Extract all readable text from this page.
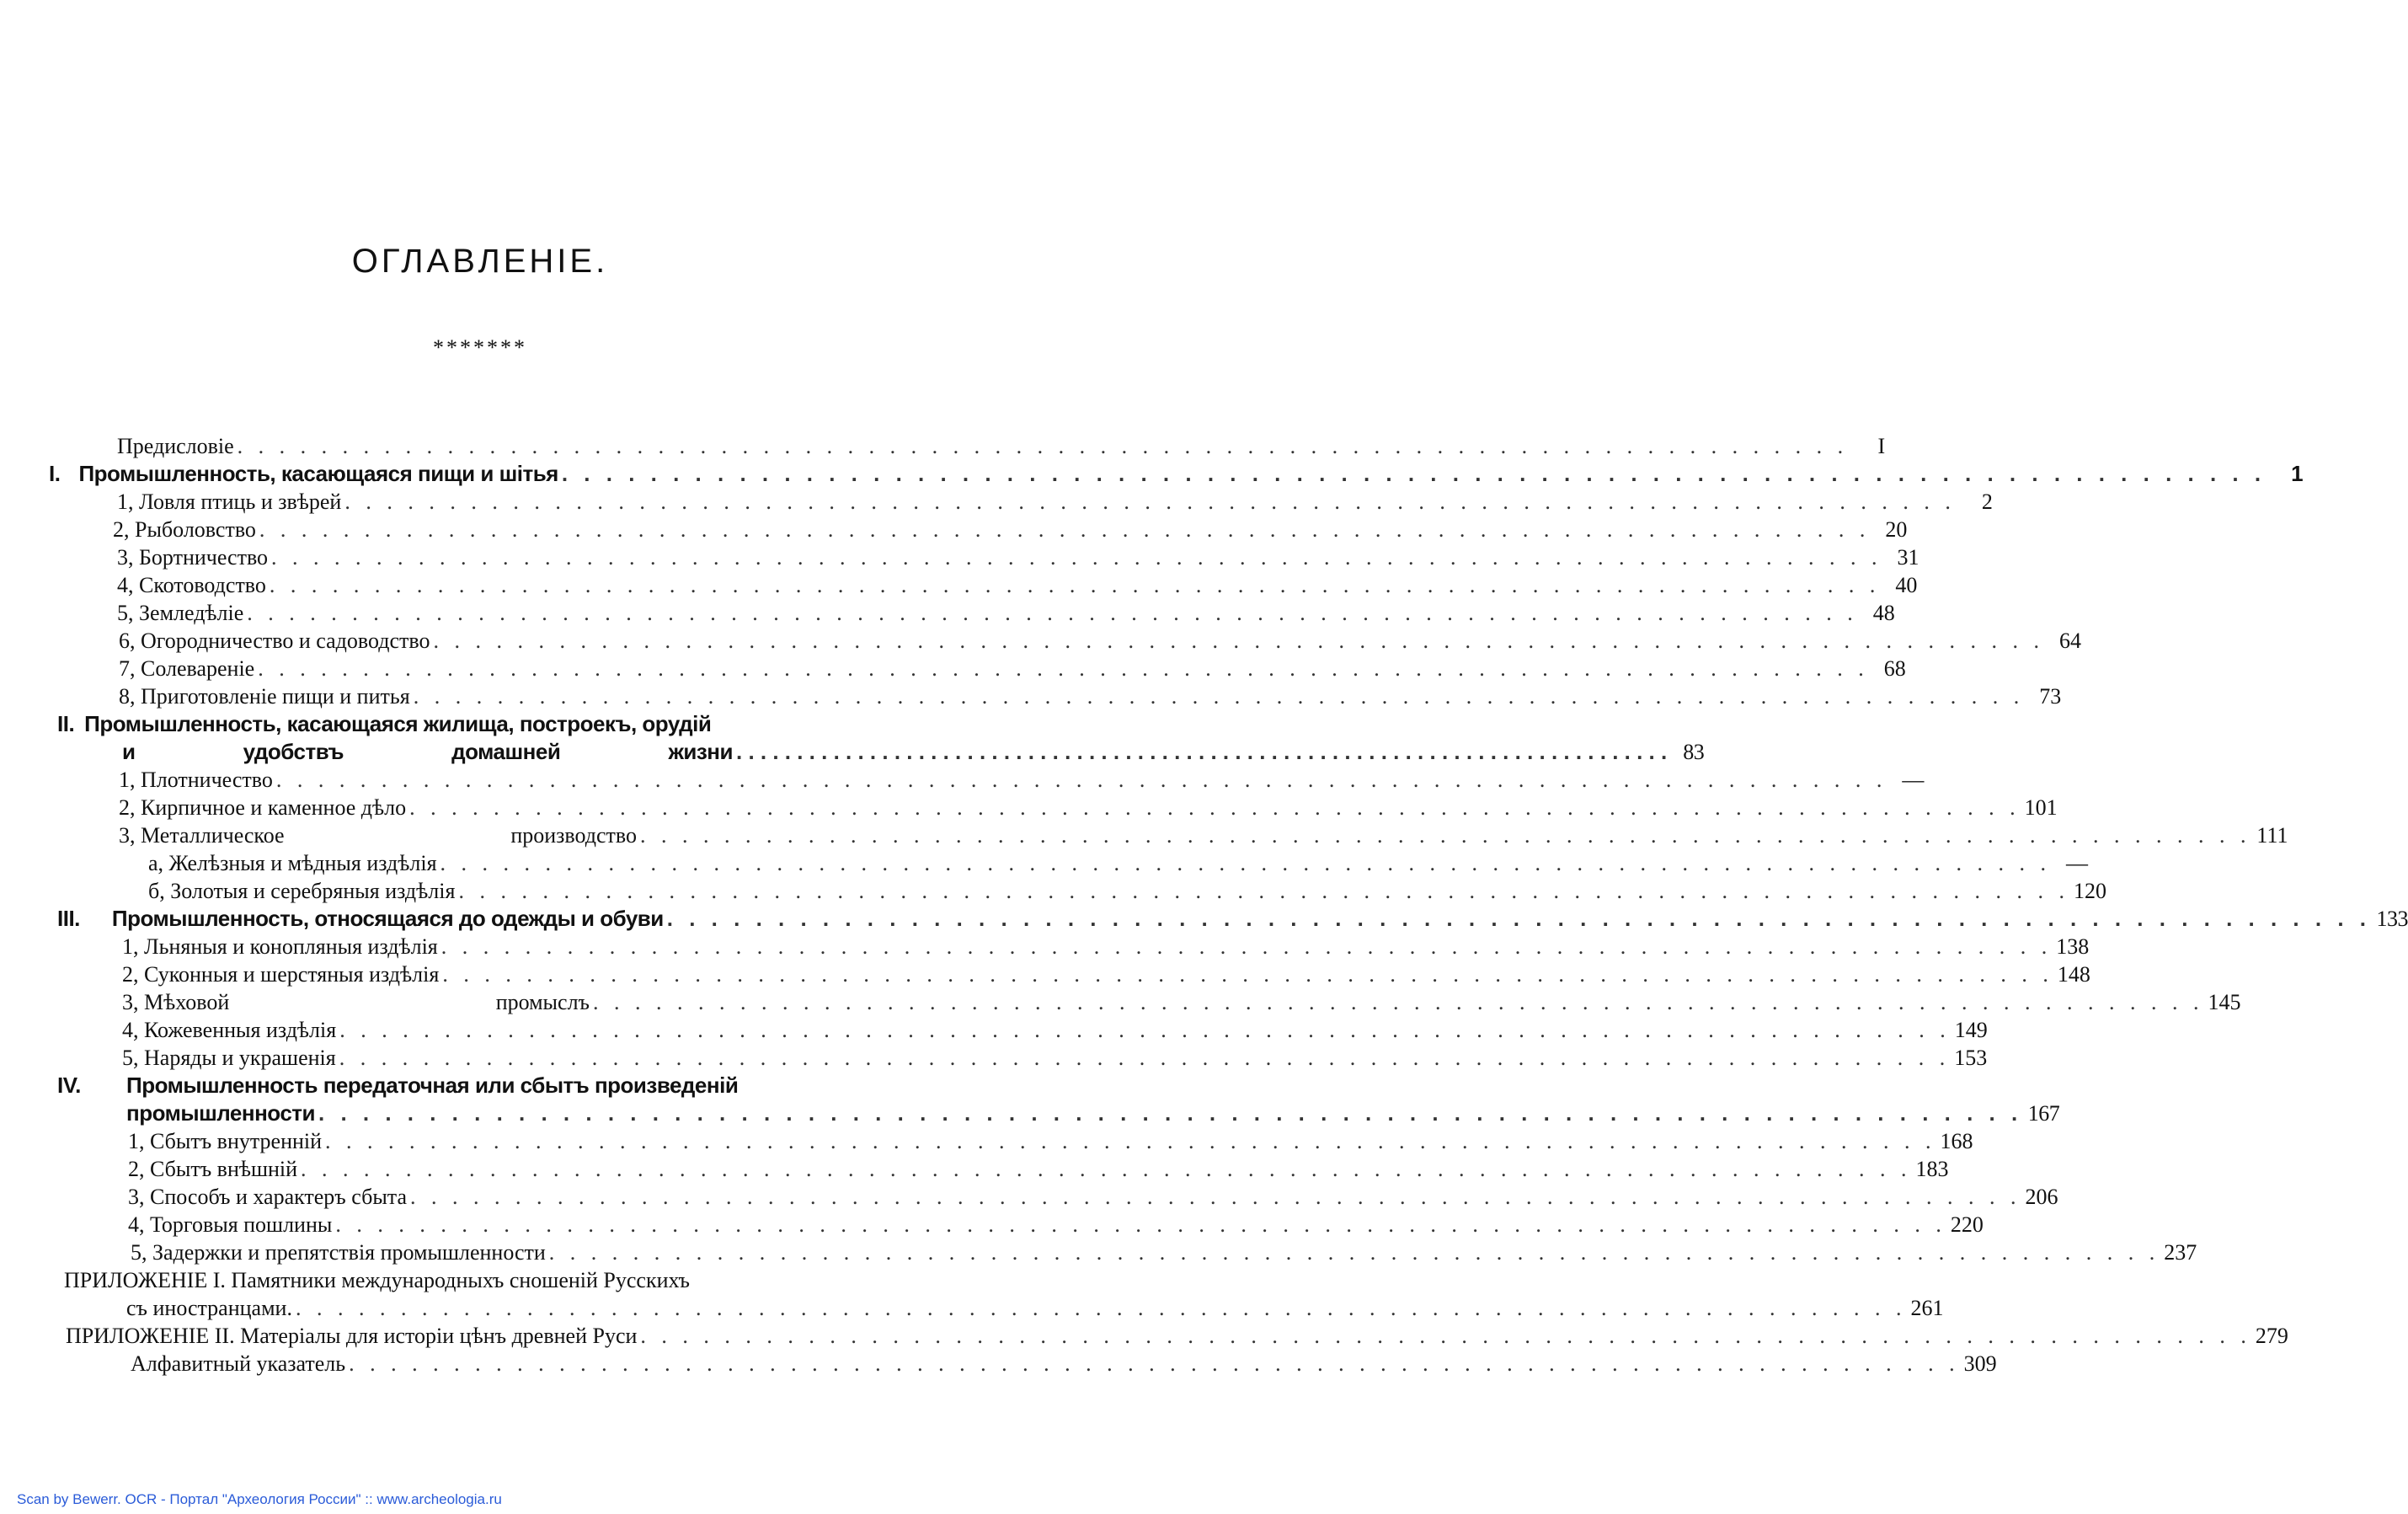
ОГЛАВЛЕНІЕ.
*******
Предисловіе . . . . . . . . . . . . . . . . . . . . . . . . . . . . . . . . . . . . . . . . . . . . . . . . . . . . . . . . . . . . . . . . . . . . . . . . . . . . .	I
I. Промышленность, касающаяся пищи и шітья . . . . . . . . . . . . . . . . . . . . . . . . . . . . . . . . . . . . . . . . . . . . . . . . . . . . . . . . . . . . . . . . . . . . . . . . . . . . .	1
1, Ловля птиць и звѣрей . . . . . . . . . . . . . . . . . . . . . . . . . . . . . . . . . . . . . . . . . . . . . . . . . . . . . . . . . . . . . . . . . . . . . . . . . . . . .	2
2, Рыболовство . . . . . . . . . . . . . . . . . . . . . . . . . . . . . . . . . . . . . . . . . . . . . . . . . . . . . . . . . . . . . . . . . . . . . . . . . . . . . 20
3, Бортничество . . . . . . . . . . . . . . . . . . . . . . . . . . . . . . . . . . . . . . . . . . . . . . . . . . . . . . . . . . . . . . . . . . . . . . . . . . . . . 31
4, Скотоводство . . . . . . . . . . . . . . . . . . . . . . . . . . . . . . . . . . . . . . . . . . . . . . . . . . . . . . . . . . . . . . . . . . . . . . . . . . . . . 40
5, Земледѣліе . . . . . . . . . . . . . . . . . . . . . . . . . . . . . . . . . . . . . . . . . . . . . . . . . . . . . . . . . . . . . . . . . . . . . . . . . . . . . 48
6, Огородничество и садоводство . . . . . . . . . . . . . . . . . . . . . . . . . . . . . . . . . . . . . . . . . . . . . . . . . . . . . . . . . . . . . . . . . . . . . . . . . . . . . 64
7, Солевареніе . . . . . . . . . . . . . . . . . . . . . . . . . . . . . . . . . . . . . . . . . . . . . . . . . . . . . . . . . . . . . . . . . . . . . . . . . . . . . 68
8, Приготовленіе пищи и питья . . . . . . . . . . . . . . . . . . . . . . . . . . . . . . . . . . . . . . . . . . . . . . . . . . . . . . . . . . . . . . . . . . . . . . . . . . . . . 73
II. Промышленность, касающаяся жилища, построекъ, орудій
и	удобствъ	домашней	жизни . . . . . . . . . . . . . . . . . . . . . . . . . . . . . . . . . . . . . . . . . . . . . . . . . . . . . . . . . . . . . . . . . . . . . . . . . . . . . 83
1, Плотничество . . . . . . . . . . . . . . . . . . . . . . . . . . . . . . . . . . . . . . . . . . . . . . . . . . . . . . . . . . . . . . . . . . . . . . . . . . . . . —
2, Кирпичное и каменное дѣло . . . . . . . . . . . . . . . . . . . . . . . . . . . . . . . . . . . . . . . . . . . . . . . . . . . . . . . . . . . . . . . . . . . . . . . . . . . . . 101
3, Металлическое	производство . . . . . . . . . . . . . . . . . . . . . . . . . . . . . . . . . . . . . . . . . . . . . . . . . . . . . . . . . . . . . . . . . . . . . . . . . . . . . 111
а, Желѣзныя и мѣдныя издѣлія . . . . . . . . . . . . . . . . . . . . . . . . . . . . . . . . . . . . . . . . . . . . . . . . . . . . . . . . . . . . . . . . . . . . . . . . . . . . . —
б, Золотыя и серебряныя издѣлія . . . . . . . . . . . . . . . . . . . . . . . . . . . . . . . . . . . . . . . . . . . . . . . . . . . . . . . . . . . . . . . . . . . . . . . . . . . . . 120
III. Промышленность, относящаяся до одежды и обуви . . . . . . . . . . . . . . . . . . . . . . . . . . . . . . . . . . . . . . . . . . . . . . . . . . . . . . . . . . . . . . . . . . . . . . . . . . . . . 133
1, Льняныя и конопляныя издѣлія . . . . . . . . . . . . . . . . . . . . . . . . . . . . . . . . . . . . . . . . . . . . . . . . . . . . . . . . . . . . . . . . . . . . . . . . . . . . . 138
2, Суконныя и шерстяныя издѣлія . . . . . . . . . . . . . . . . . . . . . . . . . . . . . . . . . . . . . . . . . . . . . . . . . . . . . . . . . . . . . . . . . . . . . . . . . . . . . 148
3, Мѣховой	промыслъ . . . . . . . . . . . . . . . . . . . . . . . . . . . . . . . . . . . . . . . . . . . . . . . . . . . . . . . . . . . . . . . . . . . . . . . . . . . . . 145
4, Кожевенныя издѣлія . . . . . . . . . . . . . . . . . . . . . . . . . . . . . . . . . . . . . . . . . . . . . . . . . . . . . . . . . . . . . . . . . . . . . . . . . . . . . 149
5, Наряды и украшенія . . . . . . . . . . . . . . . . . . . . . . . . . . . . . . . . . . . . . . . . . . . . . . . . . . . . . . . . . . . . . . . . . . . . . . . . . . . . . 153
IV. Промышленность передаточная или сбытъ произведеній
промышленности . . . . . . . . . . . . . . . . . . . . . . . . . . . . . . . . . . . . . . . . . . . . . . . . . . . . . . . . . . . . . . . . . . . . . . . . . . . . . 167
1, Сбытъ внутренній . . . . . . . . . . . . . . . . . . . . . . . . . . . . . . . . . . . . . . . . . . . . . . . . . . . . . . . . . . . . . . . . . . . . . . . . . . . . . 168
2, Сбытъ внѣшній . . . . . . . . . . . . . . . . . . . . . . . . . . . . . . . . . . . . . . . . . . . . . . . . . . . . . . . . . . . . . . . . . . . . . . . . . . . . . 183
3, Способъ и характеръ сбыта . . . . . . . . . . . . . . . . . . . . . . . . . . . . . . . . . . . . . . . . . . . . . . . . . . . . . . . . . . . . . . . . . . . . . . . . . . . . . 206
4, Торговыя пошлины . . . . . . . . . . . . . . . . . . . . . . . . . . . . . . . . . . . . . . . . . . . . . . . . . . . . . . . . . . . . . . . . . . . . . . . . . . . . . 220
5, Задержки и препятствія промышленности . . . . . . . . . . . . . . . . . . . . . . . . . . . . . . . . . . . . . . . . . . . . . . . . . . . . . . . . . . . . . . . . . . . . . . . . . . . . . 237
ПРИЛОЖЕНІЕ I. Памятники международныхъ сношеній Русскихъ
съ иностранцами. . . . . . . . . . . . . . . . . . . . . . . . . . . . . . . . . . . . . . . . . . . . . . . . . . . . . . . . . . . . . . . . . . . . . . . . . . . . . . 261
ПРИЛОЖЕНІЕ II. Матеріалы для исторіи цѣнъ древней Руси . . . . . . . . . . . . . . . . . . . . . . . . . . . . . . . . . . . . . . . . . . . . . . . . . . . . . . . . . . . . . . . . . . . . . . . . . . . . . 279
Алфавитный указатель . . . . . . . . . . . . . . . . . . . . . . . . . . . . . . . . . . . . . . . . . . . . . . . . . . . . . . . . . . . . . . . . . . . . . . . . . . . . . 309
Scan by Bewerr. OCR - Портал "Археология России" :: www.archeologia.ru
